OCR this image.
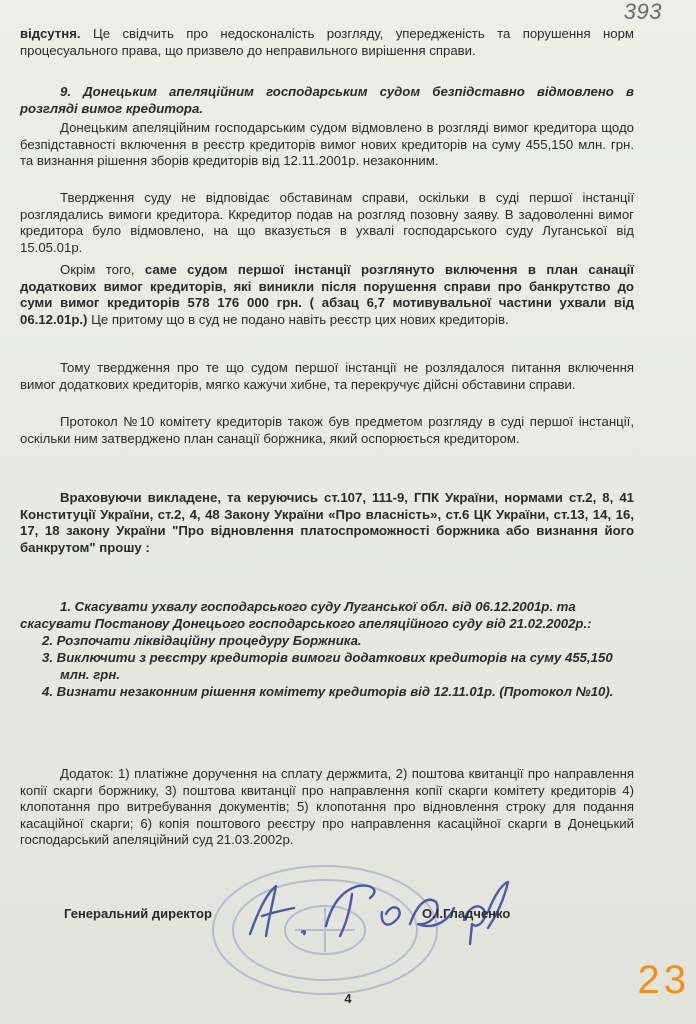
393

відсутня. Це свідчить про недосконалість розгляду, упередженість та порушення норм процесуального права, що призвело до неправильного вирішення справи.

9. Донецьким апеляційним господарським судом безпідставно відмовлено в розгляді вимог кредитора.

Донецьким апеляційним господарським судом відмовлено в розгляді вимог кредитора щодо безпідставності включення в реєстр кредиторів вимог нових кредиторів на суму 455,150 млн. грн. та визнання рішення зборів кредиторів від 12.11.2001р. незаконним.

Твердження суду не відповідає обставинам справи, оскільки в суді першої інстанції розглядались вимоги кредитора. Ккредитор подав на розгляд позовну заяву. В задоволенні вимог кредитора було відмовлено, на що вказується в ухвалі господарського суду Луганської від 15.05.01р.

Окрім того, саме судом першої інстанції розглянуто включення в план санації додаткових вимог кредиторів, які виникли після порушення справи про банкрутство до суми вимог кредиторів 578 176 000 грн. ( абзац 6,7 мотивувальної частини ухвали від 06.12.01р.) Це притому що в суд не подано навіть реєстр цих нових кредиторів.

Тому твердження про те що судом першої інстанції не розлядалося питання включення вимог додаткових кредиторів, мягко кажучи хибне, та перекручує дійсні обставини справи.

Протокол №10 комітету кредиторів також був предметом розгляду в суді першої інстанції, оскільки ним затверджено план санації боржника, який оспорюється кредитором.

Враховуючи викладене, та керуючись ст.107, 111-9, ГПК України, нормами ст.2, 8, 41 Конституції України, ст.2, 4, 48 Закону України «Про власність», ст.6 ЦК України, ст.13, 14, 16, 17, 18 закону України "Про відновлення платоспроможності боржника або визнання його банкрутом" прошу :

1. Скасувати ухвалу господарського суду Луганської обл. від 06.12.2001р. та скасувати Постанову Донецього господарського апеляційного суду від 21.02.2002р.:
2. Розпочати ліквідаційну процедуру Боржника.
3. Виключити з реєстру кредиторів вимоги додаткових кредиторів на суму 455,150 млн. грн.
4. Визнати незаконним рішення комітету кредиторів від 12.11.01р. (Протокол №10).

Додаток: 1) платіжне доручення на сплату держмита, 2) поштова квитанції про направлення копії скарги боржнику, 3) поштова квитанції про направлення копії скарги комітету кредиторів 4) клопотання про витребування документів; 5) клопотання про відновлення строку для подання касаційної скарги; 6) копія поштового реєстру про направлення касаційної скарги в Донецький господарський апеляційний суд 21.03.2002р.

Генеральний директор	О.І.Гладченко
4	23
